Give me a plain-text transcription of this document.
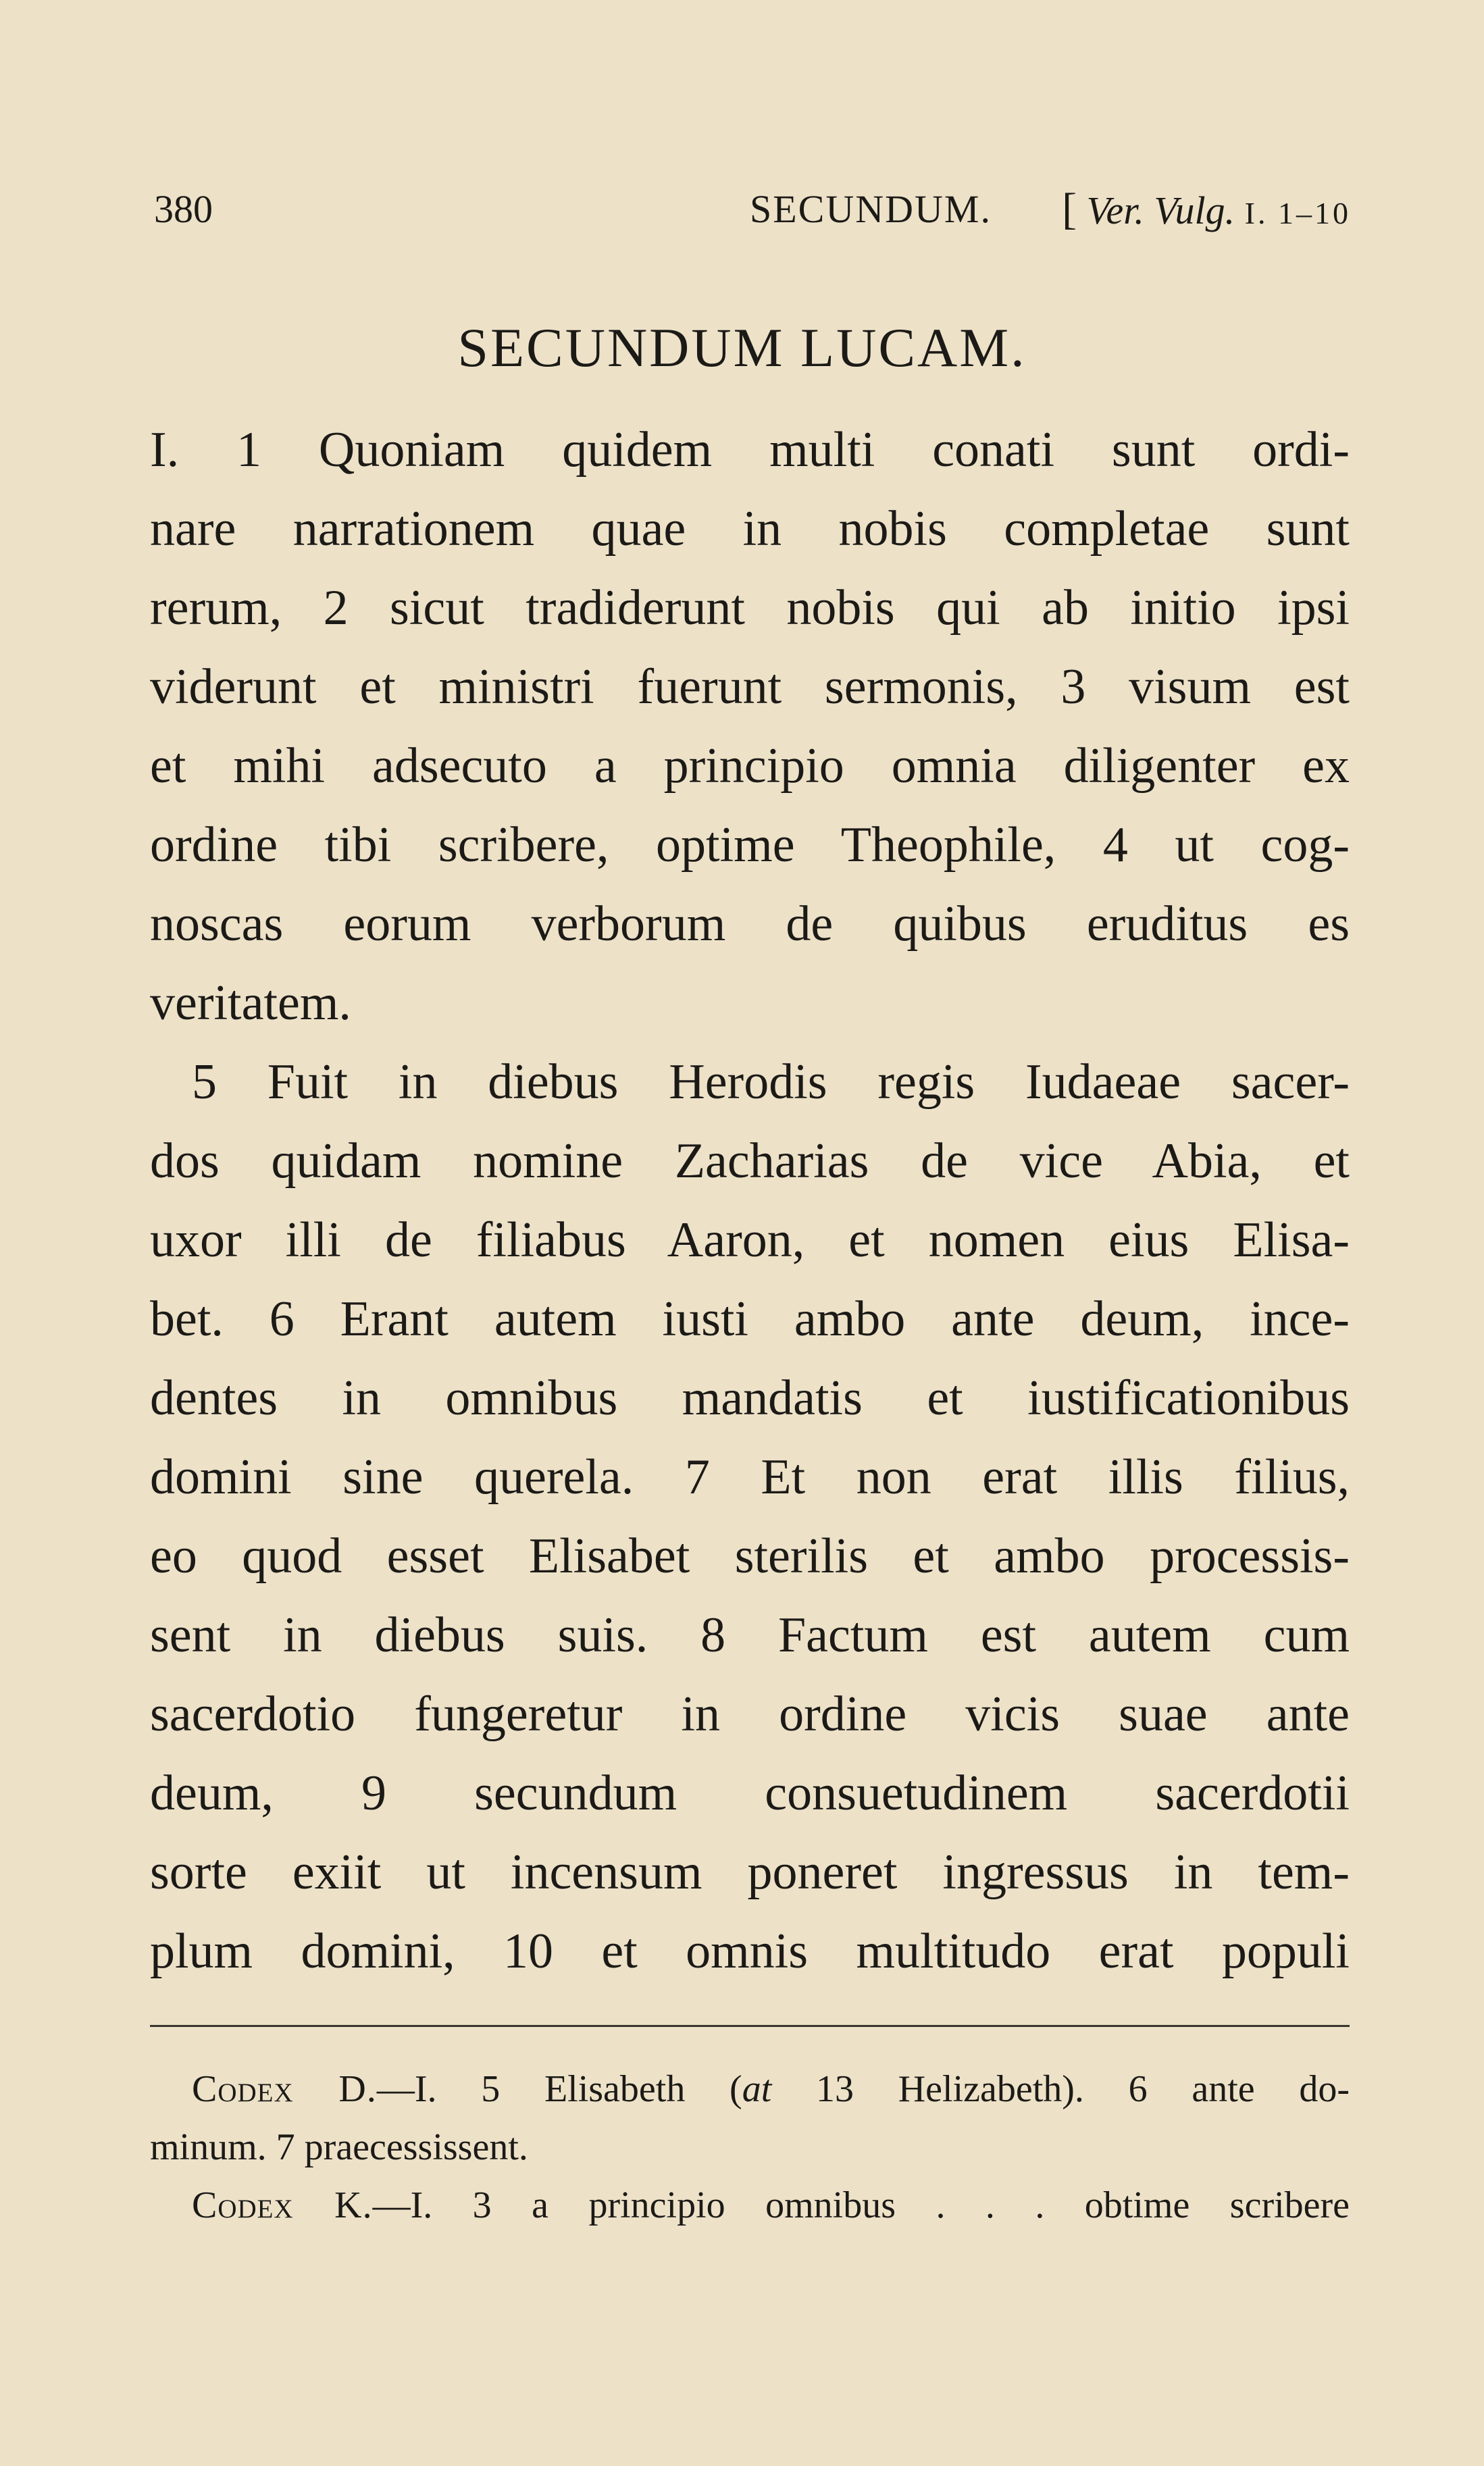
380	SECUNDUM. [ Ver. Vulg. I. 1–10
SECUNDUM LUCAM.
I. 1 Quoniam quidem multi conati sunt ordi-
nare narrationem quae in nobis completae sunt
rerum, 2 sicut tradiderunt nobis qui ab initio ipsi
viderunt et ministri fuerunt sermonis, 3 visum est
et mihi adsecuto a principio omnia diligenter ex
ordine tibi scribere, optime Theophile, 4 ut cog-
noscas eorum verborum de quibus eruditus es
veritatem.
5 Fuit in diebus Herodis regis Iudaeae sacer-
dos quidam nomine Zacharias de vice Abia, et
uxor illi de filiabus Aaron, et nomen eius Elisa-
bet. 6 Erant autem iusti ambo ante deum, ince-
dentes in omnibus mandatis et iustificationibus
domini sine querela. 7 Et non erat illis filius,
eo quod esset Elisabet sterilis et ambo processis-
sent in diebus suis. 8 Factum est autem cum
sacerdotio fungeretur in ordine vicis suae ante
deum, 9 secundum consuetudinem sacerdotii
sorte exiit ut incensum poneret ingressus in tem-
plum domini, 10 et omnis multitudo erat populi
Codex D.—I. 5 Elisabeth (at 13 Helizabeth). 6 ante do-
minum. 7 praecessissent.
Codex K.—I. 3 a principio omnibus . . . obtime scribere
